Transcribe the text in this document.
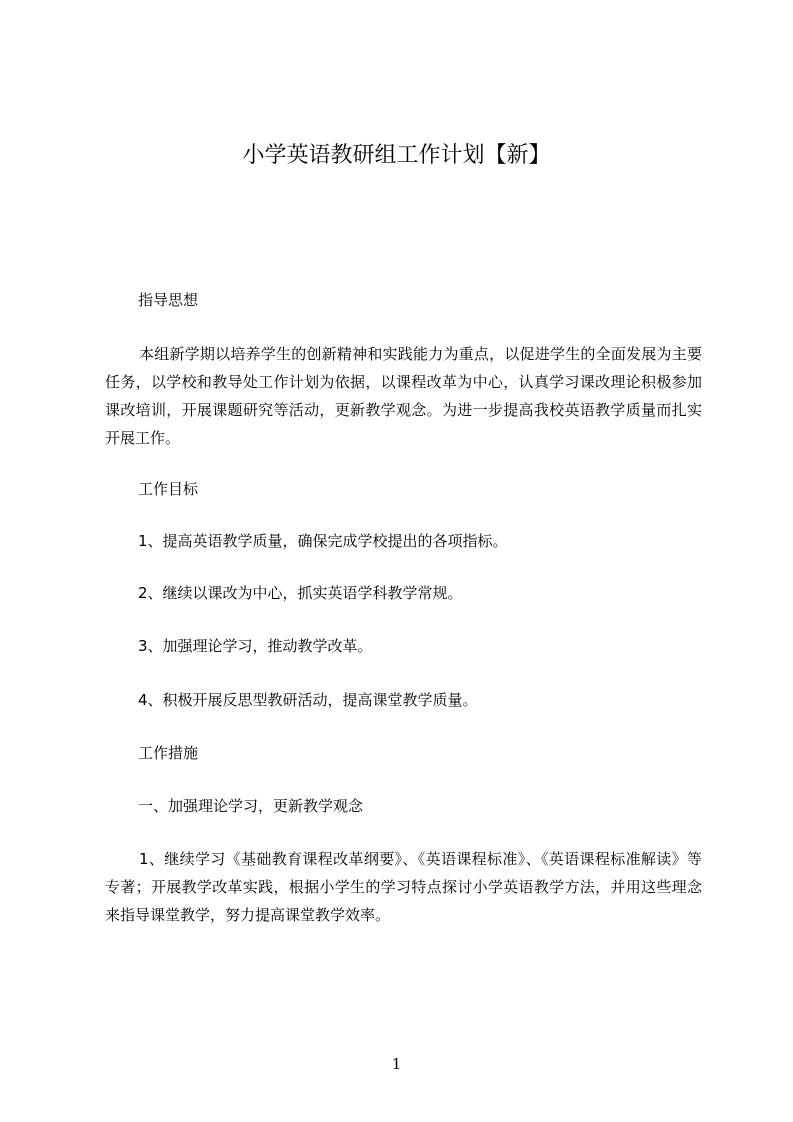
小学英语教研组工作计划【新】

指导思想

本组新学期以培养学生的创新精神和实践能力为重点，以促进学生的全面发展为主要任务，以学校和教导处工作计划为依据，以课程改革为中心，认真学习课改理论积极参加课改培训，开展课题研究等活动，更新教学观念。为进一步提高我校英语教学质量而扎实开展工作。

工作目标

1、提高英语教学质量，确保完成学校提出的各项指标。

2、继续以课改为中心，抓实英语学科教学常规。

3、加强理论学习，推动教学改革。

4、积极开展反思型教研活动，提高课堂教学质量。

工作措施

一、加强理论学习，更新教学观念

1、继续学习《基础教育课程改革纲要》、《英语课程标准》、《英语课程标准解读》等专著；开展教学改革实践，根据小学生的学习特点探讨小学英语教学方法，并用这些理念来指导课堂教学，努力提高课堂教学效率。

1
